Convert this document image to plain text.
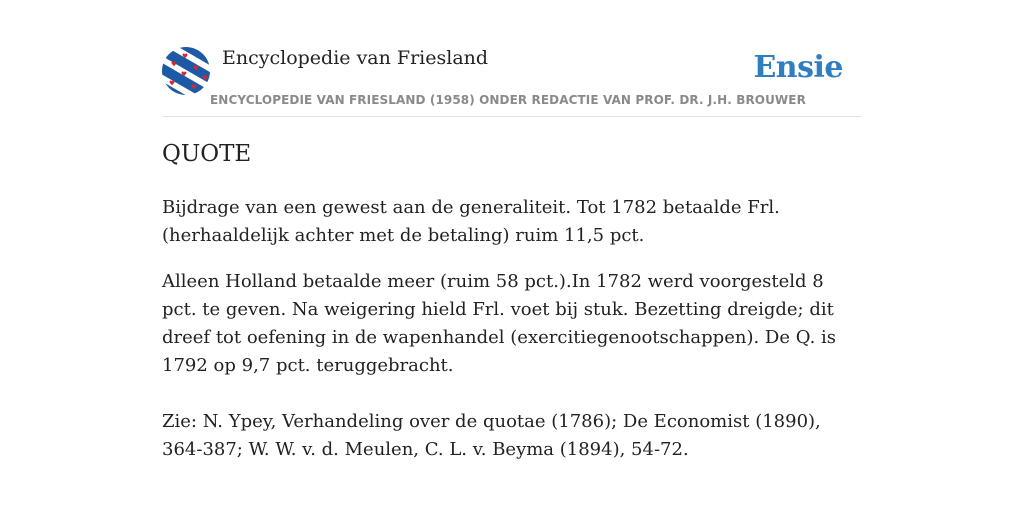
Encyclopedie van Friesland	Ensie
ENCYCLOPEDIE VAN FRIESLAND (1958) ONDER REDACTIE VAN PROF. DR. J.H. BROUWER
QUOTE

Bijdrage van een gewest aan de generaliteit. Tot 1782 betaalde Frl. (herhaaldelijk achter met de betaling) ruim 11,5 pct.

Alleen Holland betaalde meer (ruim 58 pct.).In 1782 werd voorgesteld 8 pct. te geven. Na weigering hield Frl. voet bij stuk. Bezetting dreigde; dit dreef tot oefening in de wapenhandel (exercitiegenootschappen). De Q. is 1792 op 9,7 pct. teruggebracht.

Zie: N. Ypey, Verhandeling over de quotae (1786); De Economist (1890), 364-387; W. W. v. d. Meulen, C. L. v. Beyma (1894), 54-72.
